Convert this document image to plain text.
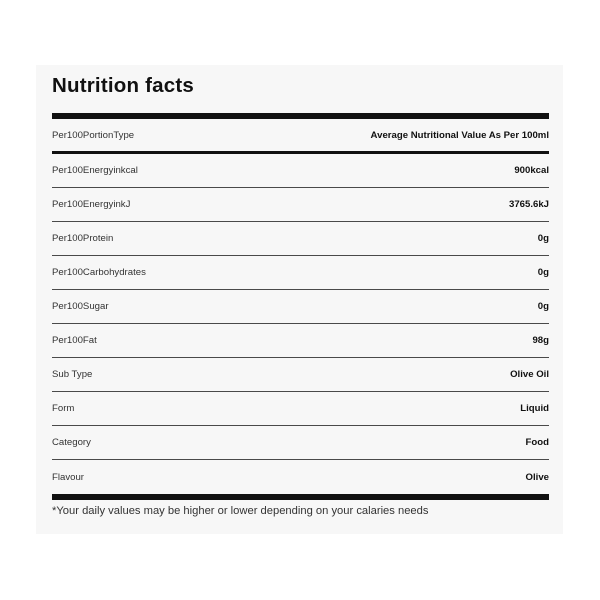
Nutrition facts
Per100PortionType	Average Nutritional Value As Per 100ml
Per100Energyinkcal	900kcal
Per100EnergyinkJ	3765.6kJ
Per100Protein	0g
Per100Carbohydrates	0g
Per100Sugar	0g
Per100Fat	98g
Sub Type	Olive Oil
Form	Liquid
Category	Food
Flavour	Olive
*Your daily values may be higher or lower depending on your calaries needs
